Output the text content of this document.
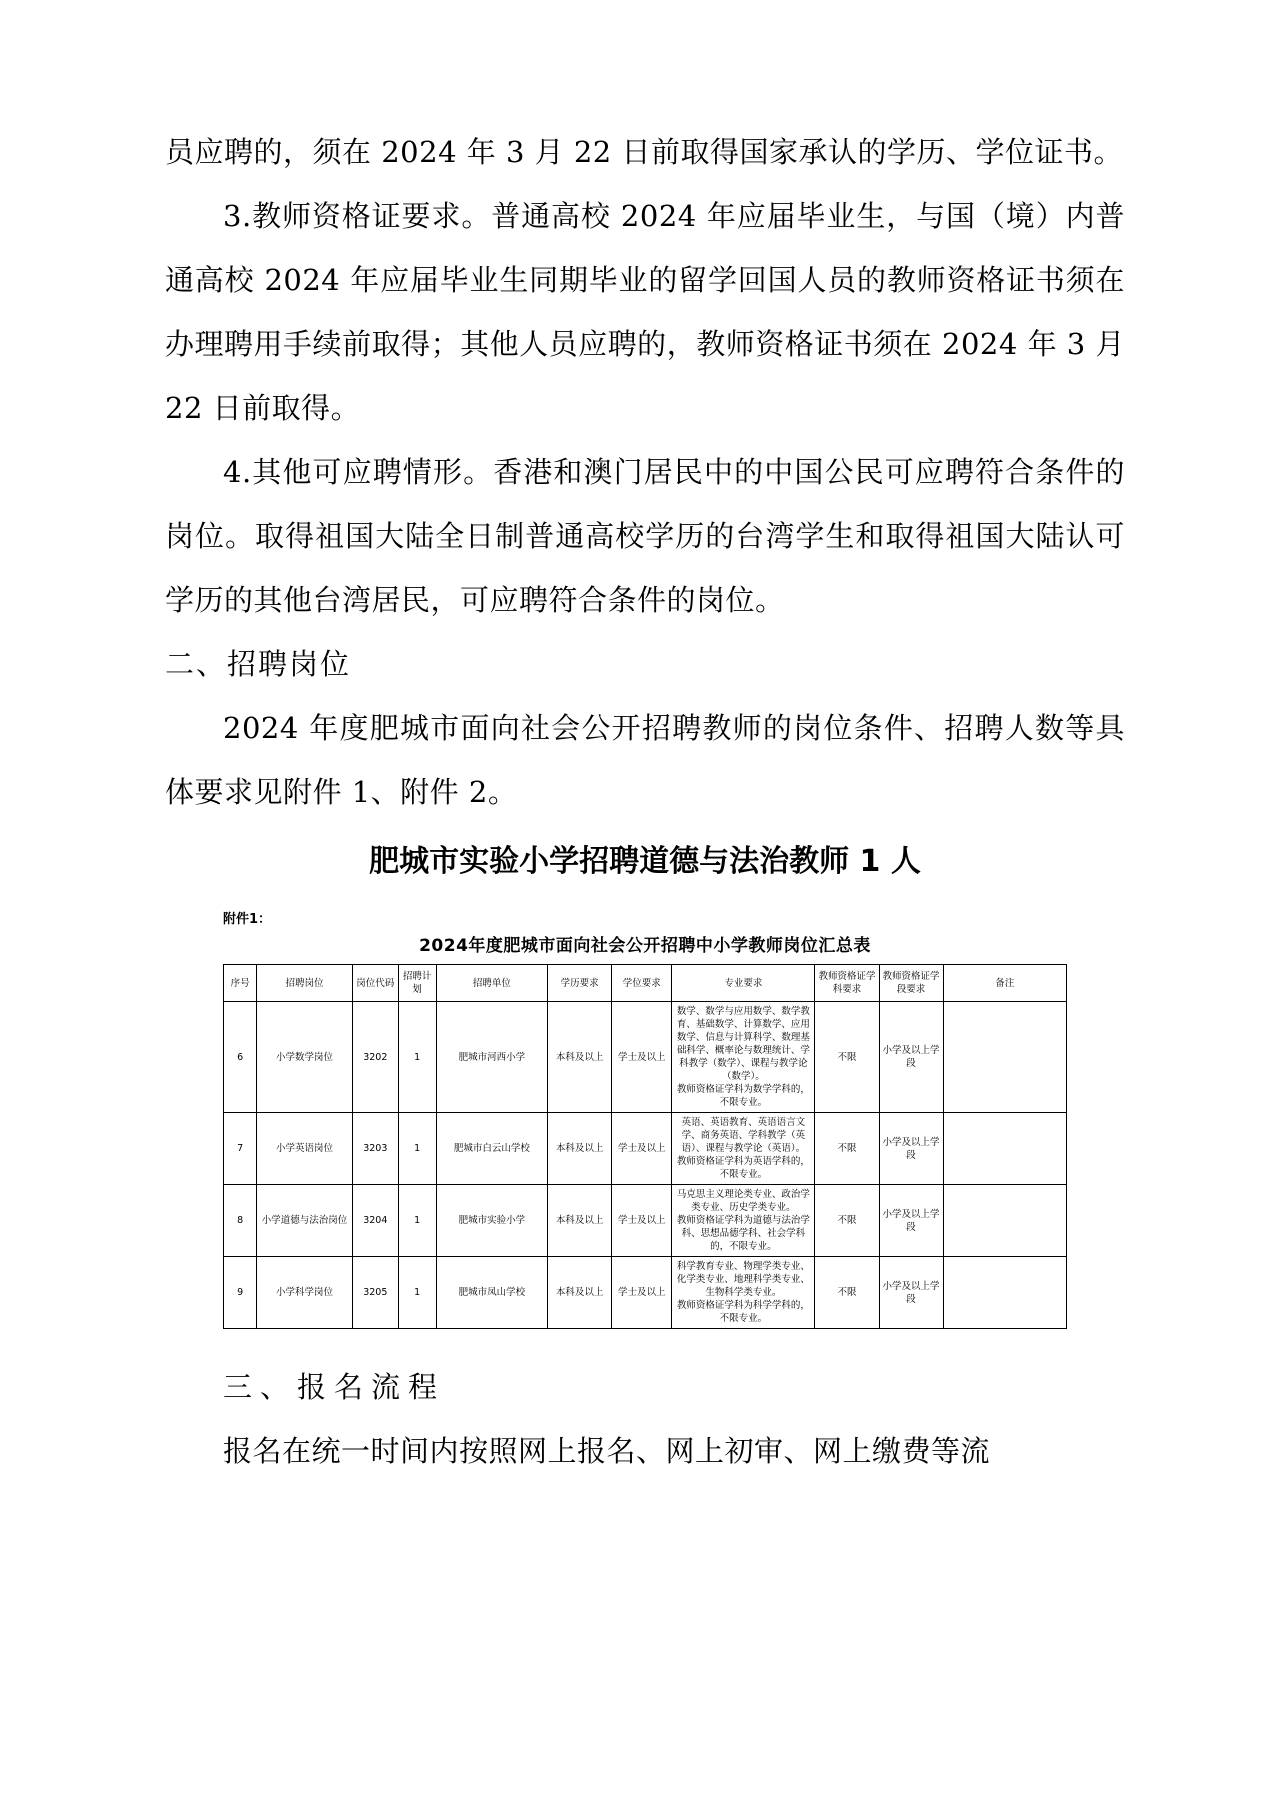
员应聘的，须在 2024 年 3 月 22 日前取得国家承认的学历、学位证书。

3.教师资格证要求。普通高校 2024 年应届毕业生，与国（境）内普通高校 2024 年应届毕业生同期毕业的留学回国人员的教师资格证书须在办理聘用手续前取得；其他人员应聘的，教师资格证书须在 2024 年 3 月 22 日前取得。

4.其他可应聘情形。香港和澳门居民中的中国公民可应聘符合条件的岗位。取得祖国大陆全日制普通高校学历的台湾学生和取得祖国大陆认可学历的其他台湾居民，可应聘符合条件的岗位。

二、招聘岗位

2024 年度肥城市面向社会公开招聘教师的岗位条件、招聘人数等具体要求见附件 1、附件 2。

肥城市实验小学招聘道德与法治教师 1 人

附件1：
2024年度肥城市面向社会公开招聘中小学教师岗位汇总表
序号	招聘岗位	岗位代码	招聘计划	招聘单位	学历要求	学位要求	专业要求	教师资格证学科要求	教师资格证学段要求	备注
6	小学数学岗位	3202	1	肥城市河西小学	本科及以上	学士及以上	数学、数学与应用数学、数学教育、基础数学、计算数学、应用数学、信息与计算科学、数理基础科学、概率论与数理统计、学科教学（数学）、课程与教学论（数学）。
教师资格证学科为数学学科的，不限专业。	不限	小学及以上学段	
7	小学英语岗位	3203	1	肥城市白云山学校	本科及以上	学士及以上	英语、英语教育、英语语言文学、商务英语、学科教学（英语）、课程与教学论（英语）。
教师资格证学科为英语学科的，不限专业。	不限	小学及以上学段	
8	小学道德与法治岗位	3204	1	肥城市实验小学	本科及以上	学士及以上	马克思主义理论类专业、政治学类专业、历史学类专业。
教师资格证学科为道德与法治学科、思想品德学科、社会学科的，不限专业。	不限	小学及以上学段	
9	小学科学岗位	3205	1	肥城市凤山学校	本科及以上	学士及以上	科学教育专业、物理学类专业、化学类专业、地理科学类专业、生物科学类专业。
教师资格证学科为科学学科的，不限专业。	不限	小学及以上学段	

三、报名流程

报名在统一时间内按照网上报名、网上初审、网上缴费等流
